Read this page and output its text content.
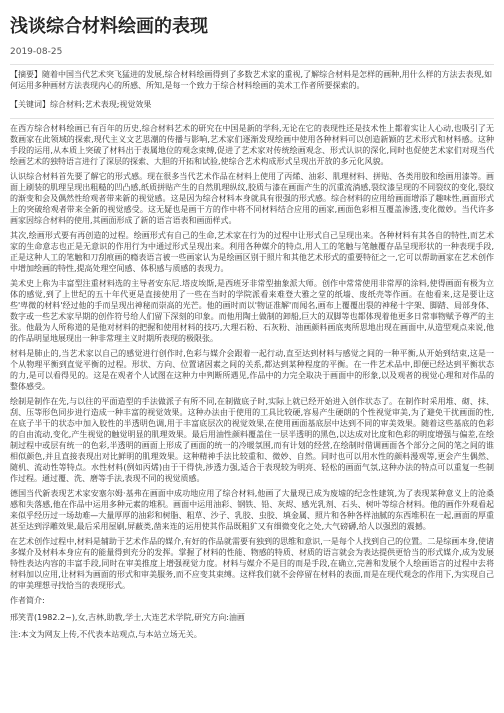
浅谈综合材料绘画的表现
2019-08-25

【摘要】随着中国当代艺术突飞猛进的发展,综合材料绘画得到了多数艺术家的重视,了解综合材料是怎样的画种,用什么样的方法去表现,如何运用多种画材方法表现内心的所感、所知,是每一个致力于综合材料绘画的美术工作者所要探索的。

【关键词】综合材料;艺术表现;视觉效果

在西方综合材料绘画已有百年的历史,综合材料艺术的研究在中国是新的学科,无论在它的表现性还是技术性上都着实让人心动,也吸引了无数画家在此领域的探索,现代主义文艺思潮的传播与影响,艺术家们逐渐发现绘画中使用各种材料可以创造新颖的艺术形式和材料感。这种手段的运用,从本质上突破了材料出于表属地位的观念束缚,促进了艺术家对传统绘画观念、形式认识的深化,同时也促使艺术家们对现当代绘画艺术的独特语言进行了深层的探索、大胆的开拓和试验,使综合艺术构成形式呈现出开放的多元化风貌。

认识综合材料首先要了解它的形式感。现在很多当代艺术作品在材料上使用了丙烯、油彩、肌理材料、拼贴、各类用胶和绘画用漆等。画面上刷装的肌理呈现出粗糙的凹凸感,纸质拼贴产生的自然肌理纵纹,胶质与漆在画面产生的沉重流淌感,裂纹漆呈现的不同裂纹的变化,裂纹的渐变和会及偶然性给观者带来新的视觉感。这是因为综合材料本身就具有很强的形式感。综合材料的应用给画面增添了趣味性,画面形式上的突破给观者带来全新的视觉感受。这无疑也是画干方的作中将不同材料结合应用的画家,画面色彩相互覆盖渗透,变化微妙。当代许多画家因综合材料的使用,其画面形成了新的语言语表和画面样式。

其次,绘画形式要有再创造的过程。绘画形式有自己的生命,艺术家在行为的过程中让形式自己呈现出来。各种材料有其各自的特性,而艺术家的生命意志也正是无意识的作用行为中通过形式呈现出来。利用各种媒介的特点,用人工的笔触与笔触覆存品呈现形状的一种表现手段,正是这种人工的笔触和刀刮痕画的瘾表语言被一些画家认为是绘画区别于照片和其他艺术形式的重要特征之一,它可以帮助画家在艺术创作中增加绘画的特性,提高处理空间感、体积感与质感的表现力。

美术史上称为丰富型注重材料选的主导者安东尼.塔皮埃斯,是西班牙非常型抽象派大师。创作中常常使用非常厚的涂料,使得画面有极为立体的感觉,到了上世纪的五十年代更是直接使用了一些在当时的学院派看来难登大雅之堂的纸墙、废纸壳等作画。在他看来,这是要让这些'卑微的材料'经过他的手而呈现出神秘而崇高的光芒。他的画时而以'物证准解'而闻名,画布上覆覆出裂的神秘十字架、脚踏、局部身体、数字或一些艺术家早期的创作符号给人们留下深刻的印象。而他用陶土做制的卸船,巨大的双脚等也都体现着他更多日常事物赋予尊严的主张。他最为人所称道的是他对材料的把握和使用材料的技巧,大理石粉、石灰粉、油画颜料画底夷所思地出现在画面中,从造型观点来说,他的作品明显地展现出一种非常理主义时期所表现的极限张。

材料是肺止的,当艺术家以自己的感觉进行创作时,色彩与媒介会跟着一起行动,直至达到材料与感觉之间的一种平衡,从开始到结束,这是一个从物理平衡到直觉平衡的过程。形状、方向、位置诸因素之间的关系,都达到某种程度的平衡。在一件艺术品中,即便已经达到平衡状态的力,是可以看得见的。这是在观者个人试图在这种力中判断所遇见,作品中的力完全取决于画面中的形象,以及观者的视觉心理和对作品的整体感受。

绘制是制作在先,与以往的平面造型的手法做派子有所不同,在制做底子时,实际上就已经开始进入创作状态了。在制作时采用堆、砌、抹、刮、压等形色同步进行造成一种丰富的视觉效果。这种办法由于使用的工具比较硬,容易产生硬朗的个性视觉审美,为了避免干扰画面的性,在底子半干的状态中加入胶性的半透明色调,用于丰富底层次的视觉效果,在使用画面基底层中达到不同的审美效果。随着这些基底的色彩的自由流动,变化,产生视觉的触觉明显的肌理效果。最后用油性颜料覆盖住一层半透明的黑色,以达成对比度和色彩的明度增强与偏差,在绘制过程中或层有统一的色彩,半透明的画面上形成了画面的统一的冷暖氛围,而有计划的经营,在绘制时借调画面各个部分之间的笔之间的谁相似颜色,并且直接表现出对比鲜明的肌理效果。这种精神手法比较重和、微妙、自然。同时也可以用水性的颜料漫观等,更会产生偶然、随机、流动性等特点。水性材料(例如丙烯)由于干得快,涉透力强,适合于表现较为明亮、轻松的画面气氛,这种办法的特点可以重复一些制作过程。通过覆、洗、磨等手法,表现不同的视觉质感。

德国当代新表现艺术家安塞尔姆·基弗在画面中成功地应用了综合材料,他画了大量现已成为废墟的纪念性建筑,为了表现某种意义上的沧桑感和失落感,他在作品中运用多种元素的堆积。画面中运用油彩、钢铁、铅、灰烬、感光乳剂、石头、树叶等综合材料。他的画作外观看起来似乎经历过一场劫难—大量厚厚的油彩和树脂、粗草、沙子、乳胶、虫胶、填金属、照片和各种各样油腻的东西堆积在一起,画面的厚重甚至达到浮雕效果,最后采用屋刷,屏蔽类,凿来连的运用使其作品既粗犷又有细微变化之处,大气磅礴,给人以强烈的震撼。

在艺术创作过程中,材料是辅助于艺术作品的媒介,有好的作品就需要有独到的思维和意识,一是每个人找到自己的位置。二是综画本身,使诸多媒介及材料本身应有的能量得到充分的发挥。掌握了材料的性能、物感的特质、材质的语言就会为表达提供更恰当的形式媒介,成为发展特性表达内容的丰富手段,同时在审美推度上增强视觉力度。材料与媒介不是目的而是手段,在确立,完善和发展个人绘画语言的过程中去将材料加以应用,让材料为画面的形式和审美服务,而不应变其束缚。这样我们就不会停留在材料的表面,而是在现代观念的作用下,为实现自己的审美理想寻找恰当的表现形式。

作者简介:

邢笑青(1982.2~),女,吉林,助教,学士,大连艺术学院,研究方向:油画

注:本文为网友上传,不代表本站观点,与本站立场无关。
